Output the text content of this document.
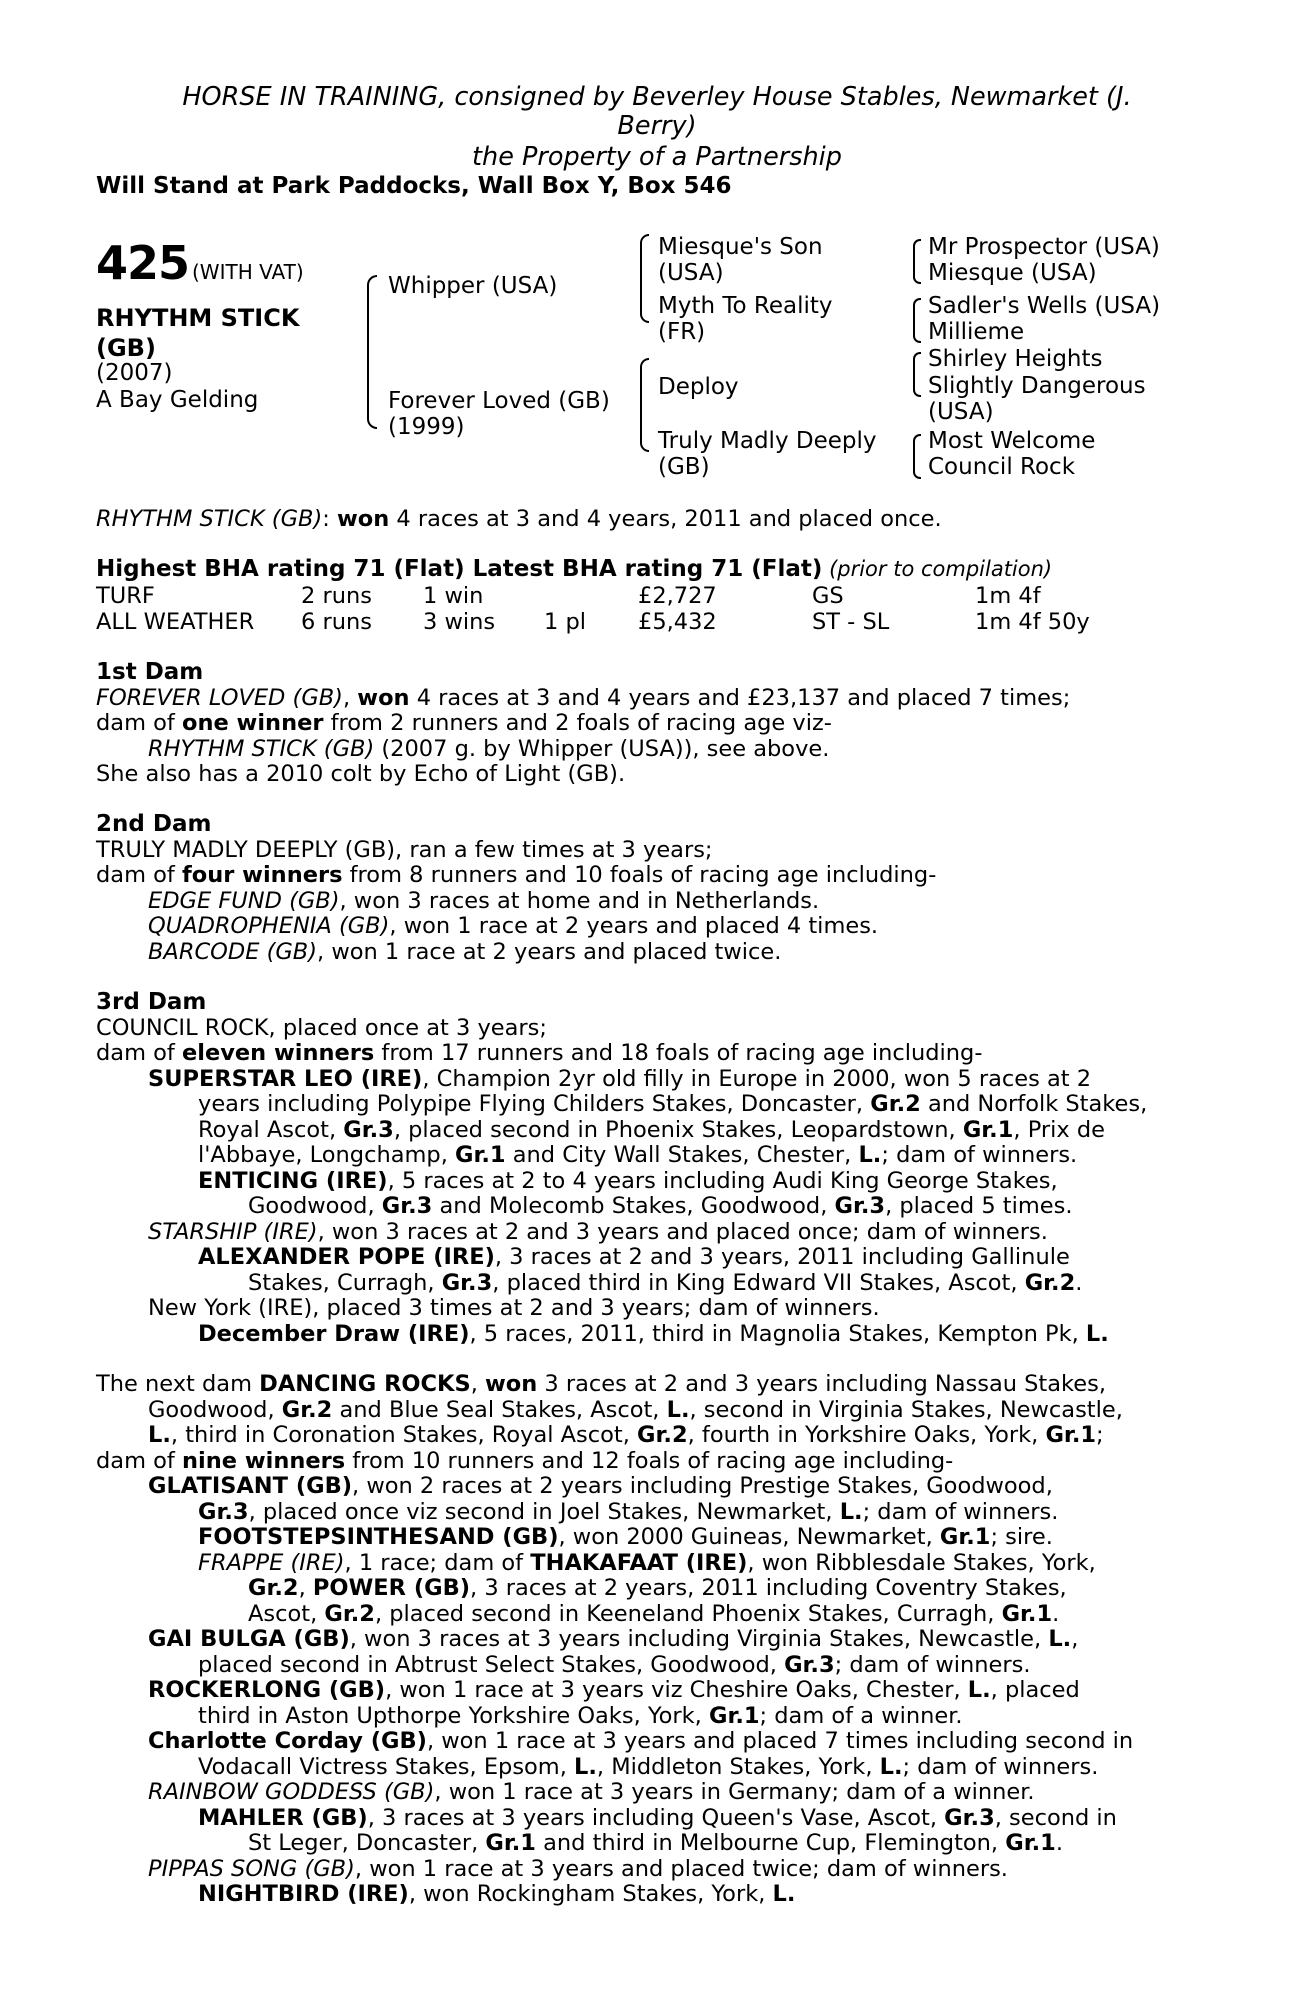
HORSE IN TRAINING, consigned by Beverley House Stables, Newmarket (J.
Berry)
the Property of a Partnership
Will Stand at Park Paddocks, Wall Box Y, Box 546
425 (WITH VAT)
RHYTHM STICK
(GB)
(2007)
A Bay Gelding
Whipper (USA)
Forever Loved (GB)
(1999)
Miesque's Son
(USA)
Myth To Reality
(FR)
Deploy
Truly Madly Deeply
(GB)
Mr Prospector (USA)
Miesque (USA)
Sadler's Wells (USA)
Millieme
Shirley Heights
Slightly Dangerous
(USA)
Most Welcome
Council Rock
RHYTHM STICK (GB): won 4 races at 3 and 4 years, 2011 and placed once.
Highest BHA rating 71 (Flat) Latest BHA rating 71 (Flat) (prior to compilation)
TURF	2 runs 1 win	£2,727	GS	1m 4f
ALL WEATHER 6 runs 3 wins 1 pl £5,432	ST - SL	1m 4f 50y
1st Dam
FOREVER LOVED (GB), won 4 races at 3 and 4 years and £23,137 and placed 7 times;
dam of one winner from 2 runners and 2 foals of racing age viz-
RHYTHM STICK (GB) (2007 g. by Whipper (USA)), see above.
She also has a 2010 colt by Echo of Light (GB).
2nd Dam
TRULY MADLY DEEPLY (GB), ran a few times at 3 years;
dam of four winners from 8 runners and 10 foals of racing age including-
EDGE FUND (GB), won 3 races at home and in Netherlands.
QUADROPHENIA (GB), won 1 race at 2 years and placed 4 times.
BARCODE (GB), won 1 race at 2 years and placed twice.
3rd Dam
COUNCIL ROCK, placed once at 3 years;
dam of eleven winners from 17 runners and 18 foals of racing age including-
SUPERSTAR LEO (IRE), Champion 2yr old filly in Europe in 2000, won 5 races at 2
years including Polypipe Flying Childers Stakes, Doncaster, Gr.2 and Norfolk Stakes,
Royal Ascot, Gr.3, placed second in Phoenix Stakes, Leopardstown, Gr.1, Prix de
l'Abbaye, Longchamp, Gr.1 and City Wall Stakes, Chester, L.; dam of winners.
ENTICING (IRE), 5 races at 2 to 4 years including Audi King George Stakes,
Goodwood, Gr.3 and Molecomb Stakes, Goodwood, Gr.3, placed 5 times.
STARSHIP (IRE), won 3 races at 2 and 3 years and placed once; dam of winners.
ALEXANDER POPE (IRE), 3 races at 2 and 3 years, 2011 including Gallinule
Stakes, Curragh, Gr.3, placed third in King Edward VII Stakes, Ascot, Gr.2.
New York (IRE), placed 3 times at 2 and 3 years; dam of winners.
December Draw (IRE), 5 races, 2011, third in Magnolia Stakes, Kempton Pk, L.
The next dam DANCING ROCKS, won 3 races at 2 and 3 years including Nassau Stakes,
Goodwood, Gr.2 and Blue Seal Stakes, Ascot, L., second in Virginia Stakes, Newcastle,
L., third in Coronation Stakes, Royal Ascot, Gr.2, fourth in Yorkshire Oaks, York, Gr.1;
dam of nine winners from 10 runners and 12 foals of racing age including-
GLATISANT (GB), won 2 races at 2 years including Prestige Stakes, Goodwood,
Gr.3, placed once viz second in Joel Stakes, Newmarket, L.; dam of winners.
FOOTSTEPSINTHESAND (GB), won 2000 Guineas, Newmarket, Gr.1; sire.
FRAPPE (IRE), 1 race; dam of THAKAFAAT (IRE), won Ribblesdale Stakes, York,
Gr.2, POWER (GB), 3 races at 2 years, 2011 including Coventry Stakes,
Ascot, Gr.2, placed second in Keeneland Phoenix Stakes, Curragh, Gr.1.
GAI BULGA (GB), won 3 races at 3 years including Virginia Stakes, Newcastle, L.,
placed second in Abtrust Select Stakes, Goodwood, Gr.3; dam of winners.
ROCKERLONG (GB), won 1 race at 3 years viz Cheshire Oaks, Chester, L., placed
third in Aston Upthorpe Yorkshire Oaks, York, Gr.1; dam of a winner.
Charlotte Corday (GB), won 1 race at 3 years and placed 7 times including second in
Vodacall Victress Stakes, Epsom, L., Middleton Stakes, York, L.; dam of winners.
RAINBOW GODDESS (GB), won 1 race at 3 years in Germany; dam of a winner.
MAHLER (GB), 3 races at 3 years including Queen's Vase, Ascot, Gr.3, second in
St Leger, Doncaster, Gr.1 and third in Melbourne Cup, Flemington, Gr.1.
PIPPAS SONG (GB), won 1 race at 3 years and placed twice; dam of winners.
NIGHTBIRD (IRE), won Rockingham Stakes, York, L.
